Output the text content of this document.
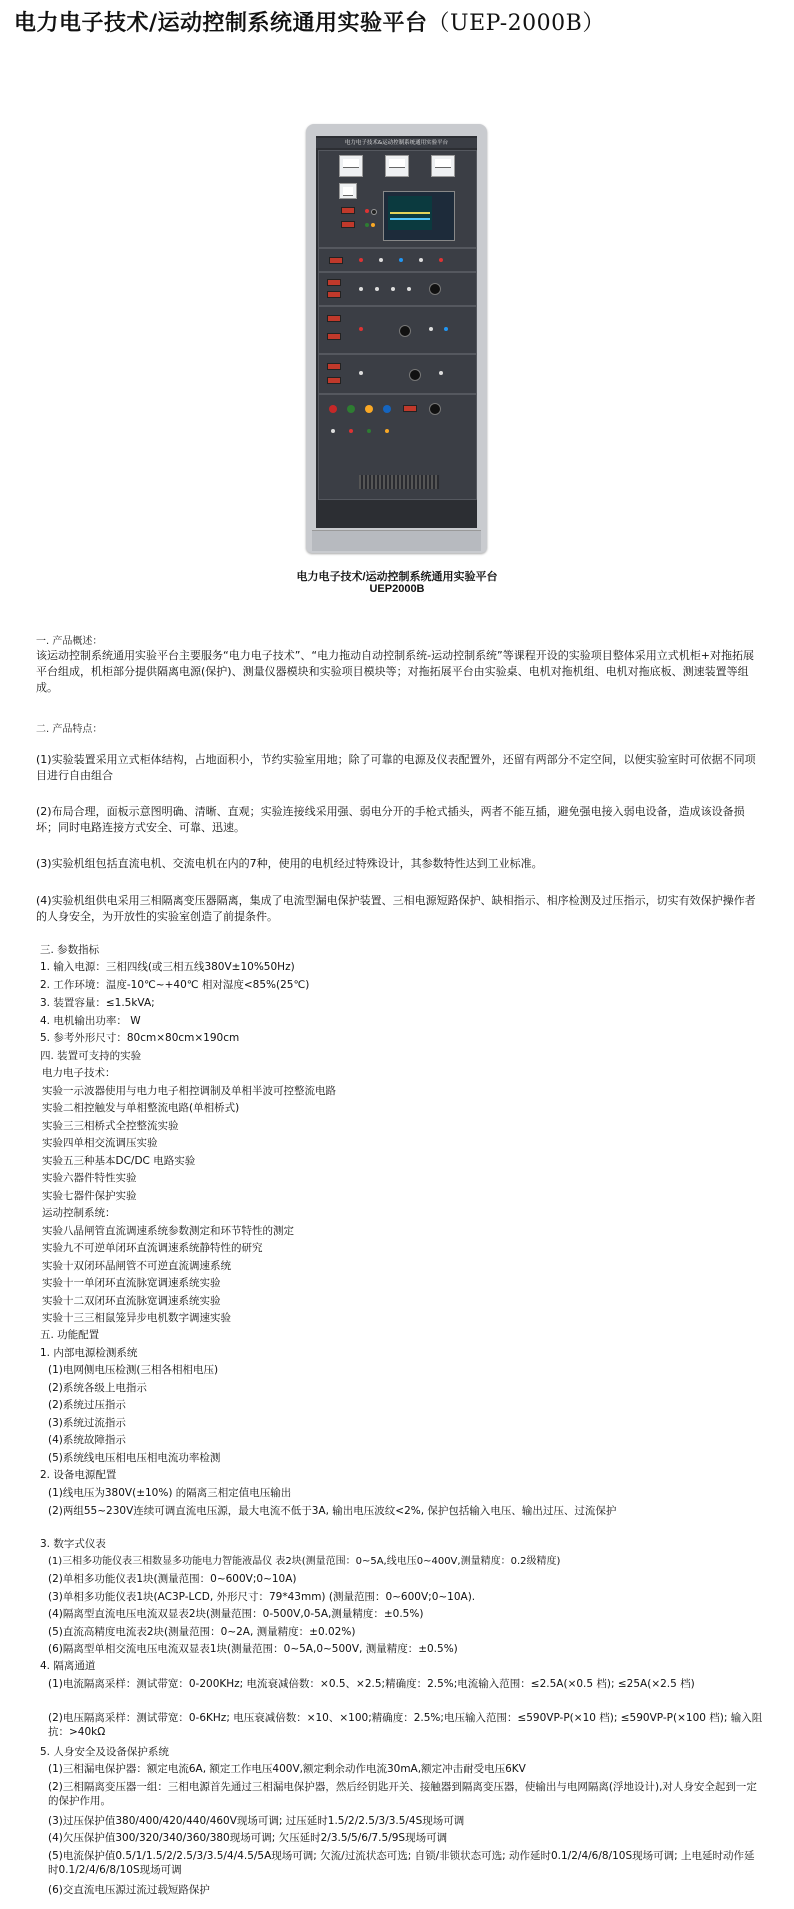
电力电子技术/运动控制系统通用实验平台（UEP-2000B）
电力电子技术&运动控制系统通用实验平台
电力电子技术/运动控制系统通用实验平台
UEP2000B
一. 产品概述：

该运动控制系统通用实验平台主要服务“电力电子技术”、“电力拖动自动控制系统-运动控制系统”等课程开设的实验项目整体采用立式机柜+对拖拓展平台组成，机柜部分提供隔离电源(保护)、测量仪器模块和实验项目模块等；对拖拓展平台由实验桌、电机对拖机组、电机对拖底板、测速装置等组成。

二. 产品特点：

(1)实验装置采用立式柜体结构，占地面积小，节约实验室用地；除了可靠的电源及仪表配置外，还留有两部分不定空间，以便实验室时可依据不同项目进行自由组合

(2)布局合理，面板示意图明确、清晰、直观；实验连接线采用强、弱电分开的手枪式插头，两者不能互插，避免强电接入弱电设备，造成该设备损坏；同时电路连接方式安全、可靠、迅速。

(3)实验机组包括直流电机、交流电机在内的7种，使用的电机经过特殊设计，其参数特性达到工业标准。

(4)实验机组供电采用三相隔离变压器隔离，集成了电流型漏电保护装置、三相电源短路保护、缺相指示、相序检测及过压指示，切实有效保护操作者的人身安全，为开放性的实验室创造了前提条件。

三. 参数指标
1. 输入电源：三相四线(或三相五线380V±10%50Hz)
2. 工作环境：温度-10℃~+40℃ 相对湿度<85%(25℃)
3. 装置容量：≤1.5kVA;
4. 电机输出功率： W
5. 参考外形尺寸：80cm×80cm×190cm
四. 装置可支持的实验
电力电子技术：
实验一示波器使用与电力电子相控调制及单相半波可控整流电路
实验二相控触发与单相整流电路(单相桥式)
实验三三相桥式全控整流实验
实验四单相交流调压实验
实验五三种基本DC/DC 电路实验
实验六器件特性实验
实验七器件保护实验
运动控制系统：
实验八晶闸管直流调速系统参数测定和环节特性的测定
实验九不可逆单闭环直流调速系统静特性的研究
实验十双闭环晶闸管不可逆直流调速系统
实验十一单闭环直流脉宽调速系统实验
实验十二双闭环直流脉宽调速系统实验
实验十三三相鼠笼异步电机数字调速实验
五. 功能配置
1. 内部电源检测系统
(1)电网侧电压检测(三相各相相电压)
(2)系统各级上电指示
(2)系统过压指示
(3)系统过流指示
(4)系统故障指示
(5)系统线电压相电压相电流功率检测
2. 设备电源配置
(1)线电压为380V(±10%) 的隔离三相定值电压输出
(2)两组55~230V连续可调直流电压源，最大电流不低于3A, 输出电压波纹<2%, 保护包括输入电压、输出过压、过流保护
3. 数字式仪表
(1)三相多功能仪表三相数显多功能电力智能液晶仪 表2块(测量范围：0~5A,线电压0~400V,测量精度：0.2级精度)
(2)单相多功能仪表1块(测量范围：0~600V;0~10A)
(3)单相多功能仪表1块(AC3P-LCD, 外形尺寸：79*43mm) (测量范围：0~600V;0~10A).
(4)隔离型直流电压电流双显表2块(测量范围：0-500V,0-5A,测量精度：±0.5%)
(5)直流高精度电流表2块(测量范围：0~2A, 测量精度：±0.02%)
(6)隔离型单相交流电压电流双显表1块(测量范围：0~5A,0~500V, 测量精度：±0.5%)
4. 隔离通道
(1)电流隔离采样：测试带宽：0-200KHz; 电流衰减倍数：×0.5、×2.5;精确度：2.5%;电流输入范围：≤2.5A(×0.5 档); ≤25A(×2.5 档)
(2)电压隔离采样：测试带宽：0-6KHz; 电压衰减倍数：×10、×100;精确度：2.5%;电压输入范围：≤590VP-P(×10 档); ≤590VP-P(×100 档); 输入阻抗：>40kΩ
5. 人身安全及设备保护系统
(1)三相漏电保护器：额定电流6A, 额定工作电压400V,额定剩余动作电流30mA,额定冲击耐受电压6KV
(2)三相隔离变压器一组：三相电源首先通过三相漏电保护器，然后经钥匙开关、接触器到隔离变压器，使输出与电网隔离(浮地设计),对人身安全起到一定的保护作用。
(3)过压保护值380/400/420/440/460V现场可调; 过压延时1.5/2/2.5/3/3.5/4S现场可调
(4)欠压保护值300/320/340/360/380现场可调; 欠压延时2/3.5/5/6/7.5/9S现场可调
(5)电流保护值0.5/1/1.5/2/2.5/3/3.5/4/4.5/5A现场可调; 欠流/过流状态可选; 自锁/非锁状态可选; 动作延时0.1/2/4/6/8/10S现场可调; 上电延时动作延时0.1/2/4/6/8/10S现场可调
(6)交直流电压源过流过载短路保护
